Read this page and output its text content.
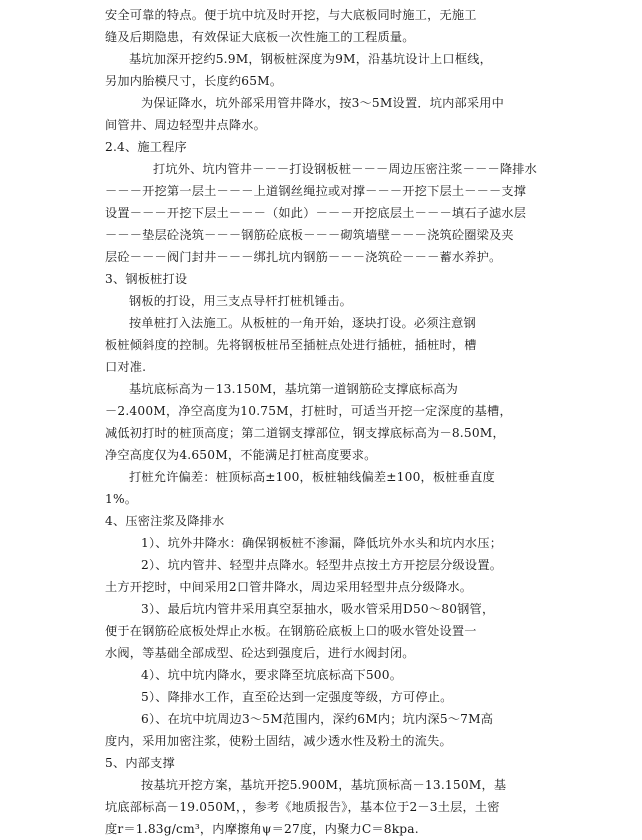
安全可靠的特点。便于坑中坑及时开挖，与大底板同时施工，无施工
缝及后期隐患，有效保证大底板一次性施工的工程质量。
基坑加深开挖约5.9M，钢板桩深度为9M，沿基坑设计上口框线，
另加内胎模尺寸，长度约65M。
为保证降水，坑外部采用管井降水，按3～5M设置．坑内部采用中
间管井、周边轻型井点降水。
2.4、施工程序
打坑外、坑内管井－－－打设钢板桩－－－周边压密注浆－－－降排水
－－－开挖第一层土－－－上道钢丝绳拉或对撑－－－开挖下层土－－－支撑
设置－－－开挖下层土－－－（如此）－－－开挖底层土－－－填石子滤水层
－－－垫层砼浇筑－－－钢筋砼底板－－－砌筑墙壁－－－浇筑砼圈梁及夹
层砼－－－阀门封井－－－绑扎坑内钢筋－－－浇筑砼－－－蓄水养护。
3、钢板桩打设
钢板的打设，用三支点导杆打桩机锤击。
按单桩打入法施工。从板桩的一角开始，逐块打设。必须注意钢
板桩倾斜度的控制。先将钢板桩吊至插桩点处进行插桩，插桩时，槽
口对准.
基坑底标高为－13.150M，基坑第一道钢筋砼支撑底标高为
－2.400M，净空高度为10.75M，打桩时，可适当开挖一定深度的基槽，
减低初打时的桩顶高度；第二道钢支撑部位，钢支撑底标高为－8.50M，
净空高度仅为4.650M，不能满足打桩高度要求。
打桩允许偏差：桩顶标高±100，板桩轴线偏差±100，板桩垂直度
1%。
4、压密注浆及降排水
1）、坑外井降水：确保钢板桩不渗漏，降低坑外水头和坑内水压；
2）、坑内管井、轻型井点降水。轻型井点按土方开挖层分级设置。
土方开挖时，中间采用2口管井降水，周边采用轻型井点分级降水。
3）、最后坑内管井采用真空泵抽水，吸水管采用D50～80钢管，
便于在钢筋砼底板处焊止水板。在钢筋砼底板上口的吸水管处设置一
水阀，等基础全部成型、砼达到强度后，进行水阀封闭。
4）、坑中坑内降水，要求降至坑底标高下500。
5）、降排水工作，直至砼达到一定强度等级，方可停止。
6）、在坑中坑周边3～5M范围内，深约6M内；坑内深5～7M高
度内，采用加密注浆，使粉土固结，减少透水性及粉土的流失。
5、内部支撑
按基坑开挖方案，基坑开挖5.900M，基坑顶标高－13.150M，基
坑底部标高－19.050M，，参考《地质报告》，基本位于2－3土层，土密
度r＝1.83g/cm³，内摩擦角ψ＝27度，内聚力C＝8kpa.
